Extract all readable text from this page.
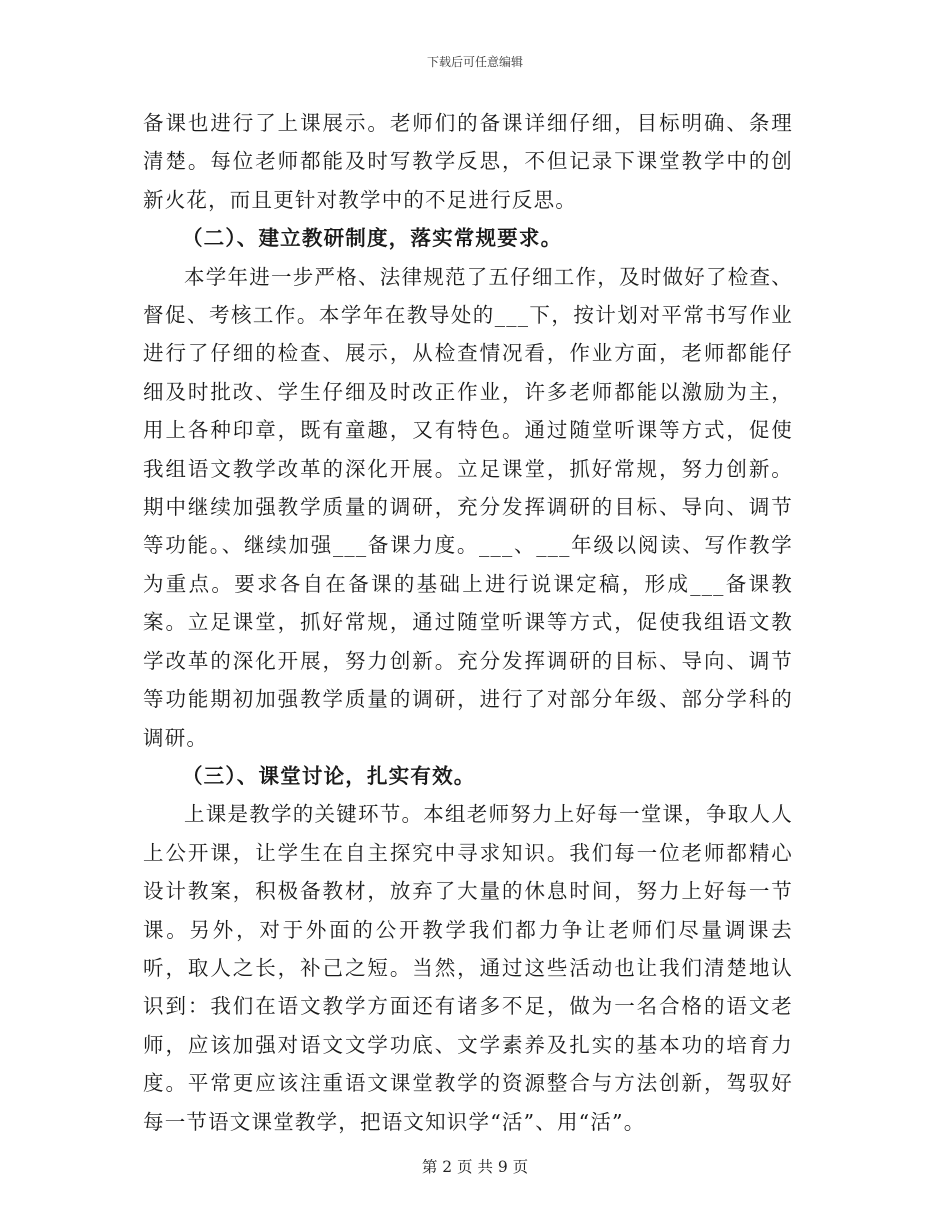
下载后可任意编辑

备课也进行了上课展示。老师们的备课详细仔细，目标明确、条理清楚。每位老师都能及时写教学反思，不但记录下课堂教学中的创新火花，而且更针对教学中的不足进行反思。

（二）、建立教研制度，落实常规要求。

本学年进一步严格、法律规范了五仔细工作，及时做好了检查、督促、考核工作。本学年在教导处的___下，按计划对平常书写作业进行了仔细的检查、展示，从检查情况看，作业方面，老师都能仔细及时批改、学生仔细及时改正作业，许多老师都能以激励为主，用上各种印章，既有童趣，又有特色。通过随堂听课等方式，促使我组语文教学改革的深化开展。立足课堂，抓好常规，努力创新。期中继续加强教学质量的调研，充分发挥调研的目标、导向、调节等功能。、继续加强___备课力度。___、___年级以阅读、写作教学为重点。要求各自在备课的基础上进行说课定稿，形成___备课教案。立足课堂，抓好常规，通过随堂听课等方式，促使我组语文教学改革的深化开展，努力创新。充分发挥调研的目标、导向、调节等功能期初加强教学质量的调研，进行了对部分年级、部分学科的调研。

（三）、课堂讨论，扎实有效。

上课是教学的关键环节。本组老师努力上好每一堂课，争取人人上公开课，让学生在自主探究中寻求知识。我们每一位老师都精心设计教案，积极备教材，放弃了大量的休息时间，努力上好每一节课。另外，对于外面的公开教学我们都力争让老师们尽量调课去听，取人之长，补己之短。当然，通过这些活动也让我们清楚地认识到：我们在语文教学方面还有诸多不足，做为一名合格的语文老师，应该加强对语文文学功底、文学素养及扎实的基本功的培育力度。平常更应该注重语文课堂教学的资源整合与方法创新，驾驭好每一节语文课堂教学，把语文知识学“活”、用“活”。

第 2 页 共 9 页
